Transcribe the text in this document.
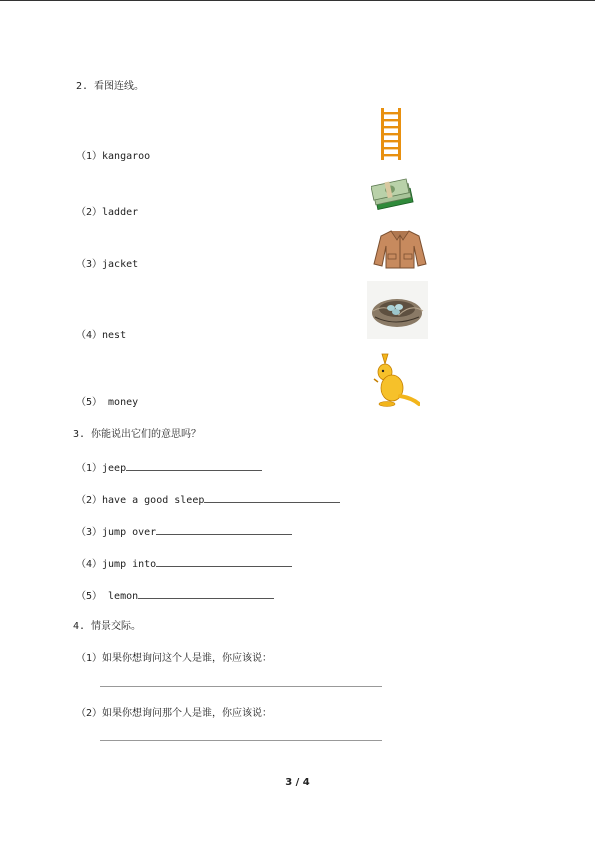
2. 看图连线。
（1）kangaroo
（2）ladder
（3）jacket
（4）nest
（5） money
3. 你能说出它们的意思吗？
（1）jeep
（2）have a good sleep
（3）jump over
（4）jump into
（5） lemon
4. 情景交际。
（1）如果你想询问这个人是谁，你应该说：
（2）如果你想询问那个人是谁，你应该说：
3 / 4
